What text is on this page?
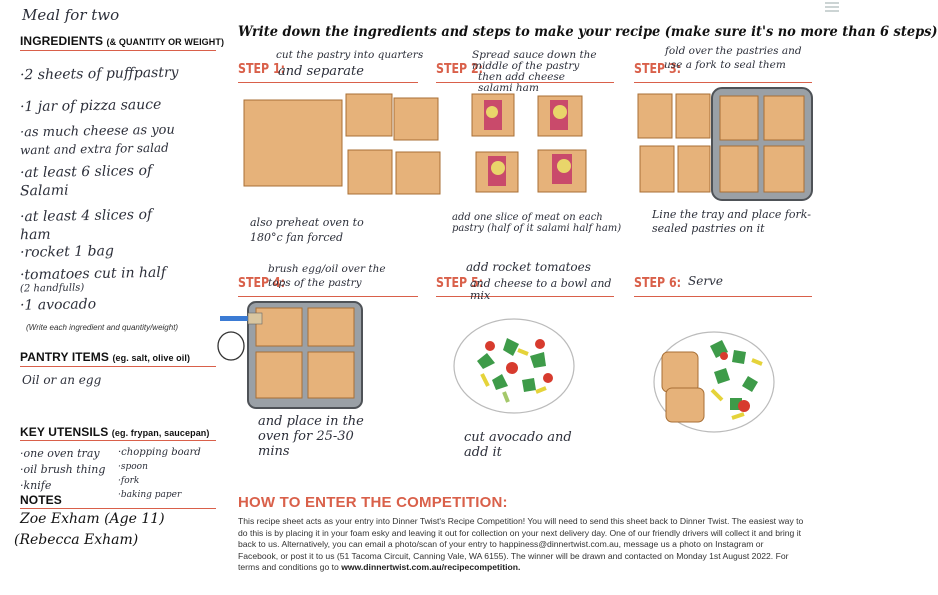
Meal for two
INGREDIENTS (& QUANTITY OR WEIGHT)
·2 sheets of puffpastry
·1 jar of pizza sauce
·as much cheese as you
want and extra for salad
·at least 6 slices of
Salami
·at least 4 slices of
ham
·rocket 1 bag
·tomatoes cut in half
(2 handfulls)
·1 avocado
(Write each ingredient and quantity/weight)
PANTRY ITEMS (eg. salt, olive oil)
Oil or an egg
KEY UTENSILS (eg. frypan, saucepan)
·one oven tray
·oil brush thing
·knife
·chopping board
·spoon
·fork
·baking paper
NOTES
Zoe Exham (Age 11)
(Rebecca Exham)
Write down the ingredients and steps to make your recipe (make sure it's no more than 6 steps)
STEP 1:
cut the pastry into quarters
and separate	STEP 2:
Spread sauce down the middle of the pastry
then add cheese salami ham
STEP 3:
fold over the pastries and
use a fork to seal them
also preheat oven to 180°c fan forced
add one slice of meat on each pastry (half of it salami half ham)
Line the tray and place fork-sealed pastries on it
STEP 4:
brush egg/oil over the
tops of the pastry	STEP 5:
add rocket tomatoes
and cheese to a bowl and mix
STEP 6: Serve
and place in the oven for 25-30 mins
cut avocado and add it
HOW TO ENTER THE COMPETITION:
This recipe sheet acts as your entry into Dinner Twist's Recipe Competition! You will need to send this sheet back to Dinner Twist. The easiest way to do this is by placing it in your foam esky and leaving it out for collection on your next delivery day. One of our friendly drivers will collect it and bring it back to us. Alternatively, you can email a photo/scan of your entry to happiness@dinnertwist.com.au, message us a photo on Instagram or Facebook, or post it to us (51 Tacoma Circuit, Canning Vale, WA 6155). The winner will be drawn and contacted on Monday 1st August 2022. For terms and conditions go to www.dinnertwist.com.au/recipecompetition.
